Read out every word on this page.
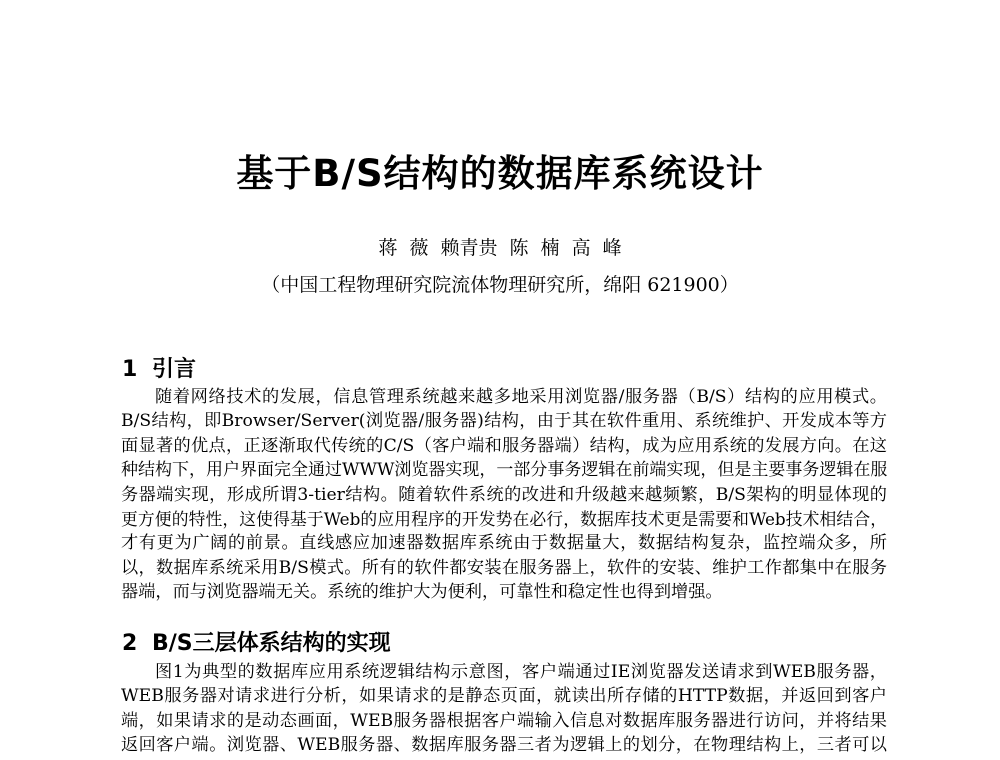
基于B/S结构的数据库系统设计
蒋 薇 赖青贵 陈 楠 高 峰
（中国工程物理研究院流体物理研究所，绵阳 621900）
1 引言

随着网络技术的发展，信息管理系统越来越多地采用浏览器/服务器（B/S）结构的应用模式。

B/S结构，即Browser/Server(浏览器/服务器)结构，由于其在软件重用、系统维护、开发成本等方

面显著的优点，正逐渐取代传统的C/S（客户端和服务器端）结构，成为应用系统的发展方向。在这

种结构下，用户界面完全通过WWW浏览器实现，一部分事务逻辑在前端实现，但是主要事务逻辑在服

务器端实现，形成所谓3-tier结构。随着软件系统的改进和升级越来越频繁，B/S架构的明显体现的

更方便的特性，这使得基于Web的应用程序的开发势在必行，数据库技术更是需要和Web技术相结合，

才有更为广阔的前景。直线感应加速器数据库系统由于数据量大，数据结构复杂，监控端众多，所

以，数据库系统采用B/S模式。所有的软件都安装在服务器上，软件的安装、维护工作都集中在服务

器端，而与浏览器端无关。系统的维护大为便利，可靠性和稳定性也得到增强。

2 B/S三层体系结构的实现

图1为典型的数据库应用系统逻辑结构示意图，客户端通过IE浏览器发送请求到WEB服务器，

WEB服务器对请求进行分析，如果请求的是静态页面，就读出所存储的HTTP数据，并返回到客户

端，如果请求的是动态画面，WEB服务器根据客户端输入信息对数据库服务器进行访问，并将结果

返回客户端。浏览器、WEB服务器、数据库服务器三者为逻辑上的划分，在物理结构上，三者可以
